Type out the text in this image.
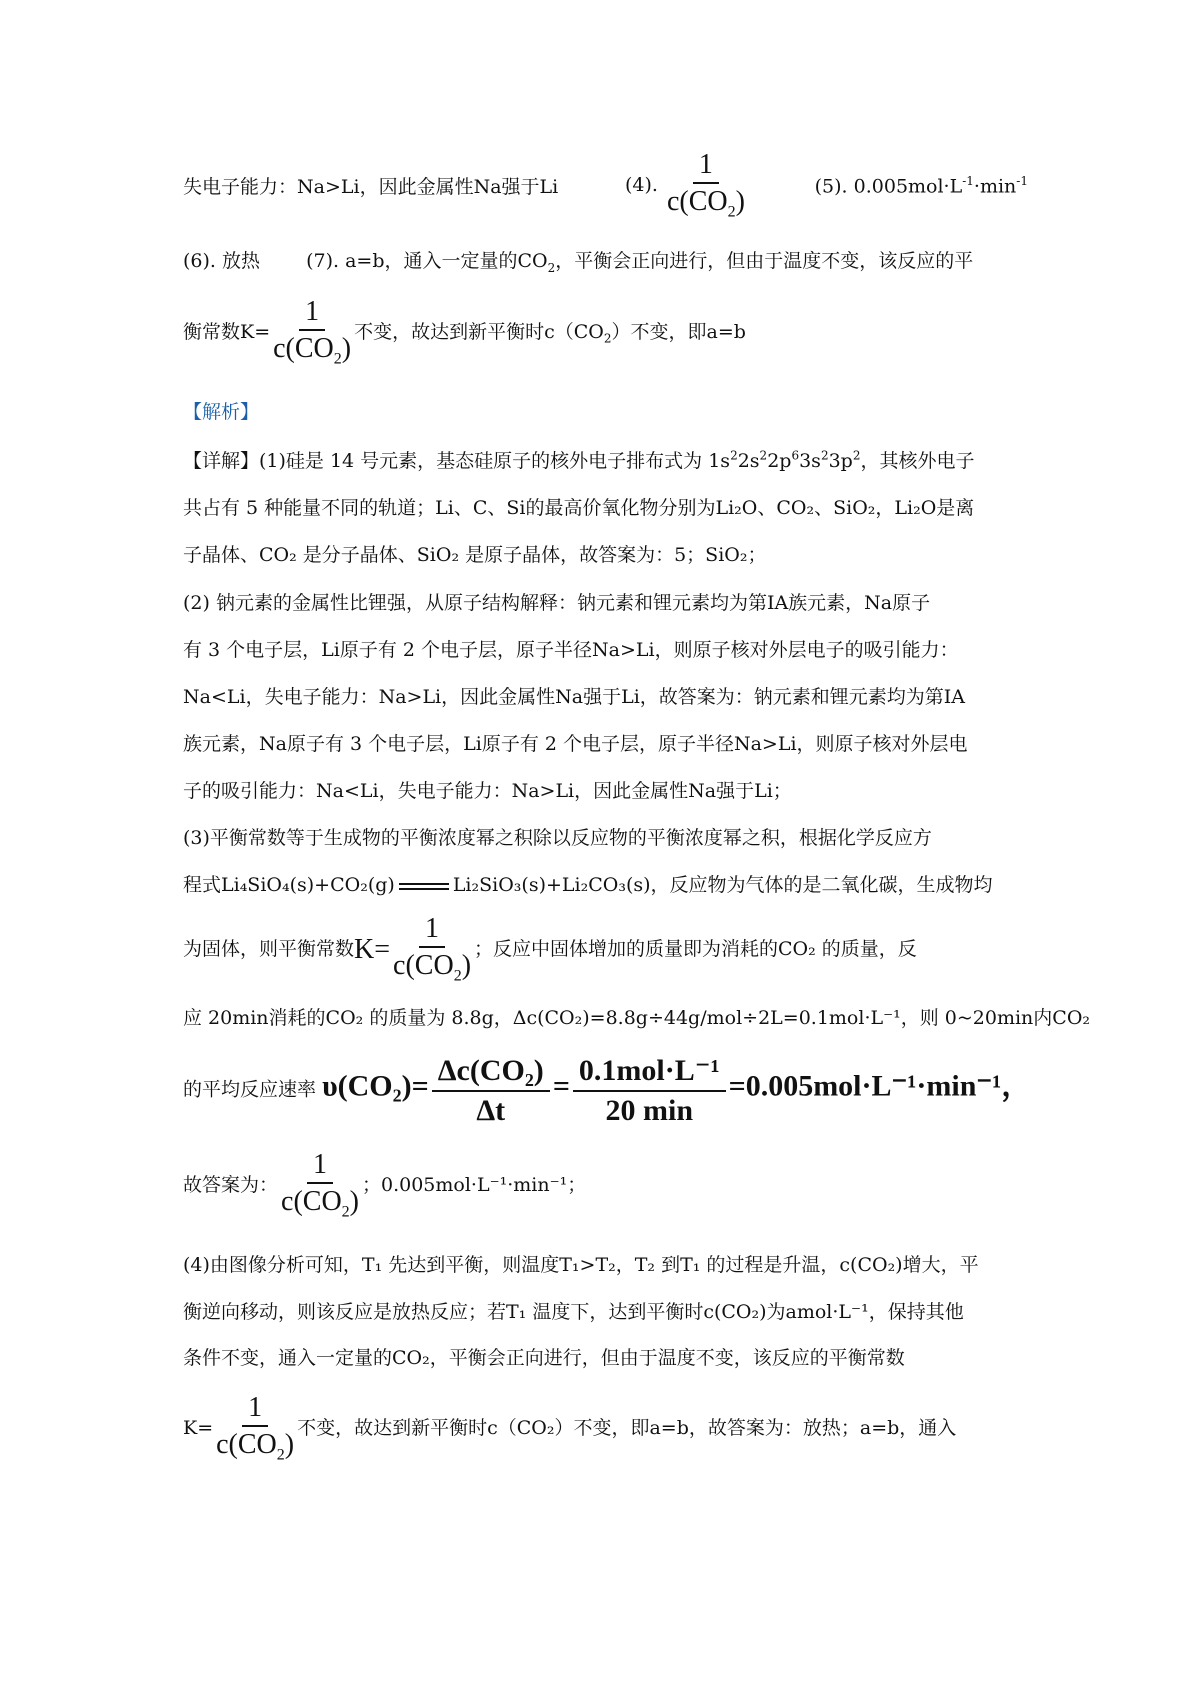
失电子能力：Na>Li，因此金属性Na强于Li	(4). $\frac{1}{c(CO_2)}$	(5). $0.005mol\cdot L^{-1}\cdot\min^{-1}$
(6). 放热 (7). a=b，通入一定量的$CO_2$，平衡会正向进行，但由于温度不变，该反应的平
衡常数$K= \frac{1}{c(CO_2)}$ 不变，故达到新平衡时$c(CO_2)$不变，即a=b
【解析】
【详解】(1)硅是 14 号元素，基态硅原子的核外电子排布式为 $1s^22s^22p^63s^23p^2$，其核外电子
共占有 5 种能量不同的轨道；Li、C、Si的最高价氧化物分别为Li₂O、CO₂、SiO₂，Li₂O是离
子晶体、CO₂ 是分子晶体、SiO₂ 是原子晶体，故答案为：5；SiO₂；
(2) 钠元素的金属性比锂强，从原子结构解释：钠元素和锂元素均为第ⅠA族元素，Na原子
有 3 个电子层，Li原子有 2 个电子层，原子半径Na>Li，则原子核对外层电子的吸引能力：
Na<Li，失电子能力：Na>Li，因此金属性Na强于Li，故答案为：钠元素和锂元素均为第ⅠA
族元素，Na原子有 3 个电子层，Li原子有 2 个电子层，原子半径Na>Li，则原子核对外层电
子的吸引能力：Na<Li，失电子能力：Na>Li，因此金属性Na强于Li；
(3)平衡常数等于生成物的平衡浓度幂之积除以反应物的平衡浓度幂之积，根据化学反应方
程式Li₄SiO₄(s)+CO₂(g)	Li₂SiO₃(s)+Li₂CO₃(s)，反应物为气体的是二氧化碳，生成物均
为固体，则平衡常数$K= \frac{1}{c(CO_2)}$ ；反应中固体增加的质量即为消耗的CO₂ 的质量，反
应 20min消耗的CO₂ 的质量为 8.8g，Δc(CO₂)=8.8g÷44g/mol÷2L=0.1mol·L⁻¹，则 0~20min内CO₂
的平均反应速率 $\upsilon(CO_2)= \frac{\text{Δc(CO₂)}}{\Delta t} = \frac{\text{0.1mol·L⁻¹}}{20 \min} =0.005mol\cdot L^{-1}\cdot\min^{-1}$，
故答案为： $\frac{1}{c(CO_2)}$ ；0.005mol·L⁻¹·min⁻¹；
(4)由图像分析可知，T₁ 先达到平衡，则温度T₁>T₂，T₂ 到T₁ 的过程是升温，c(CO₂)增大，平
衡逆向移动，则该反应是放热反应；若T₁ 温度下，达到平衡时c(CO₂)为amol·L⁻¹，保持其他
条件不变，通入一定量的CO₂，平衡会正向进行，但由于温度不变，该反应的平衡常数
$K= \frac{1}{c(CO_2)}$ 不变，故达到新平衡时c（CO₂）不变，即a=b，故答案为：放热；a=b，通入
